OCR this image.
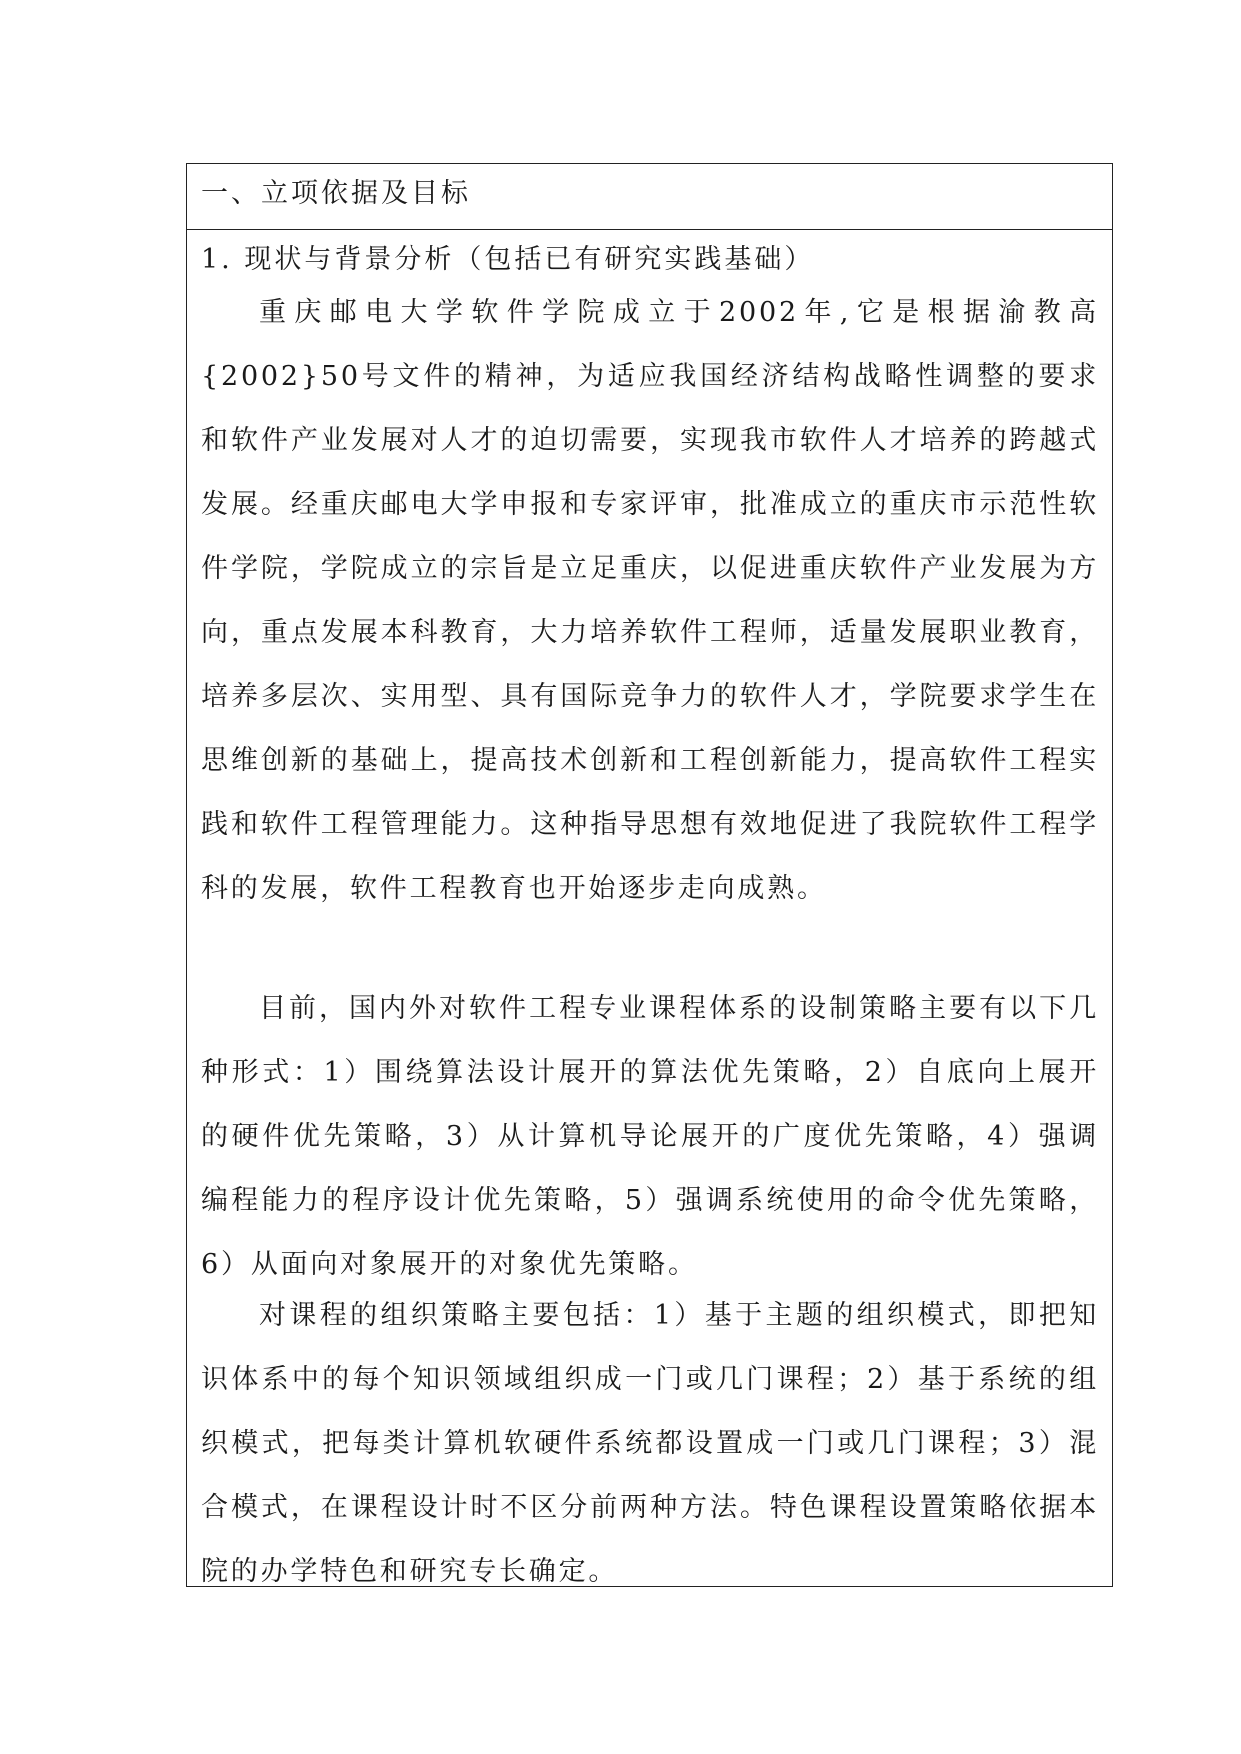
一、立项依据及目标
1. 现状与背景分析（包括已有研究实践基础）

重庆邮电大学软件学院成立于2002年,它是根据渝教高{2002}50号文件的精神，为适应我国经济结构战略性调整的要求和软件产业发展对人才的迫切需要，实现我市软件人才培养的跨越式发展。经重庆邮电大学申报和专家评审，批准成立的重庆市示范性软件学院，学院成立的宗旨是立足重庆，以促进重庆软件产业发展为方向，重点发展本科教育，大力培养软件工程师，适量发展职业教育，培养多层次、实用型、具有国际竞争力的软件人才，学院要求学生在思维创新的基础上，提高技术创新和工程创新能力，提高软件工程实践和软件工程管理能力。这种指导思想有效地促进了我院软件工程学科的发展，软件工程教育也开始逐步走向成熟。

目前，国内外对软件工程专业课程体系的设制策略主要有以下几种形式：1）围绕算法设计展开的算法优先策略，2）自底向上展开的硬件优先策略，3）从计算机导论展开的广度优先策略，4）强调编程能力的程序设计优先策略，5）强调系统使用的命令优先策略，6）从面向对象展开的对象优先策略。

对课程的组织策略主要包括：1）基于主题的组织模式，即把知识体系中的每个知识领域组织成一门或几门课程；2）基于系统的组织模式，把每类计算机软硬件系统都设置成一门或几门课程；3）混合模式，在课程设计时不区分前两种方法。特色课程设置策略依据本院的办学特色和研究专长确定。
